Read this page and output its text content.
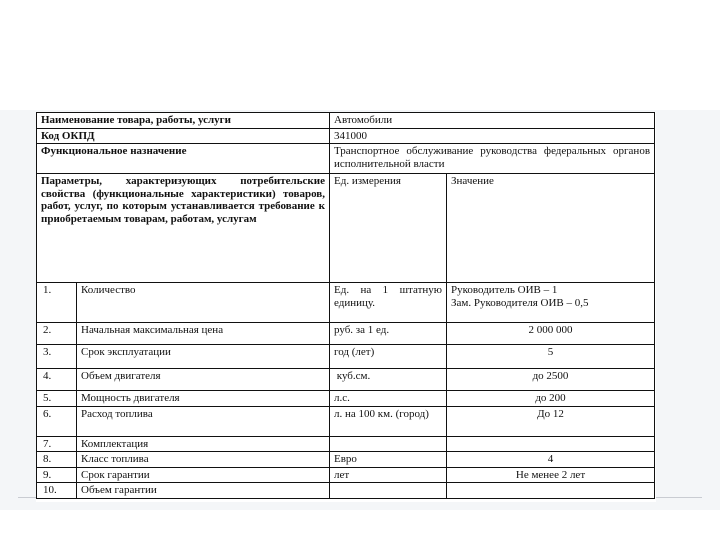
Наименование товара, работы, услуги		Автомобили	
Код ОКПД		341000	
Функциональное назначение		Транспортное обслуживание руководства федеральных органов исполнительной власти	
Параметры, характеризующих потребительские свойства (функциональные характеристики) товаров, работ, услуг, по которым устанавливается требование к приобретаемым товарам, работам, услугам		Ед. измерения	Значение
1.	Количество	Ед. на 1 штатную единицу.	Руководитель ОИВ – 1
Зам. Руководителя ОИВ – 0,5

2.	Начальная максимальная цена	руб. за 1 ед.	2 000 000
3.	Срок эксплуатации	год (лет)	5
4.	Объем двигателя	куб.см.	до 2500
5.	Мощность двигателя	л.с.	до 200
6.	Расход топлива	л. на 100 км. (город)	До 12
7.	Комплектация		
8.	Класс топлива	Евро	4
9.	Срок гарантии	лет	Не менее 2 лет
10.	Объем гарантии		
